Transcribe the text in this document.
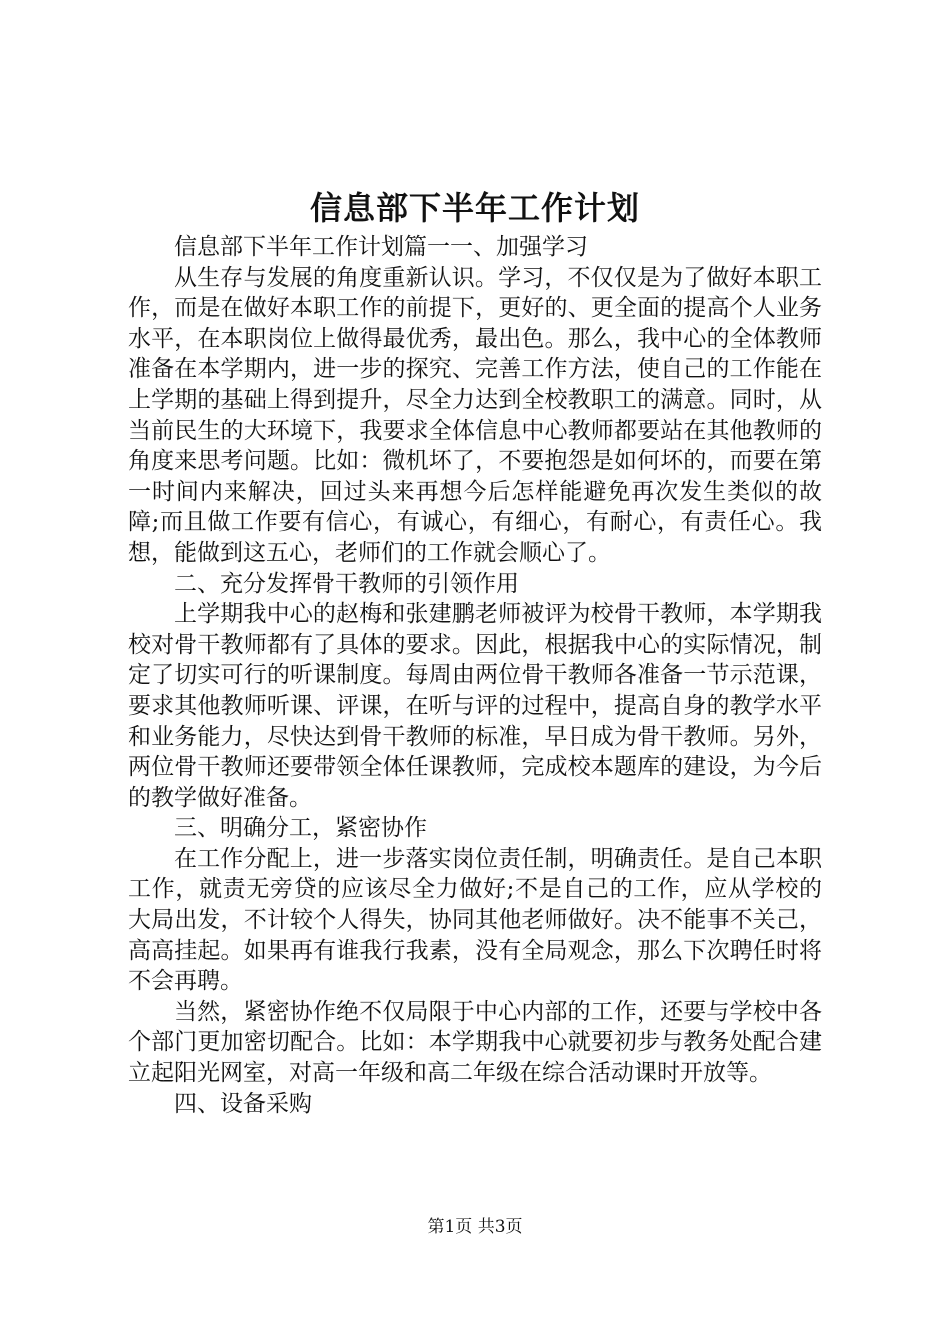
信息部下半年工作计划

信息部下半年工作计划篇一一、加强学习

从生存与发展的角度重新认识。学习，不仅仅是为了做好本职工作，而是在做好本职工作的前提下，更好的、更全面的提高个人业务水平，在本职岗位上做得最优秀，最出色。那么，我中心的全体教师准备在本学期内，进一步的探究、完善工作方法，使自己的工作能在上学期的基础上得到提升，尽全力达到全校教职工的满意。同时，从当前民生的大环境下，我要求全体信息中心教师都要站在其他教师的角度来思考问题。比如：微机坏了，不要抱怨是如何坏的，而要在第一时间内来解决，回过头来再想今后怎样能避免再次发生类似的故障;而且做工作要有信心，有诚心，有细心，有耐心，有责任心。我想，能做到这五心，老师们的工作就会顺心了。

二、充分发挥骨干教师的引领作用

上学期我中心的赵梅和张建鹏老师被评为校骨干教师，本学期我校对骨干教师都有了具体的要求。因此，根据我中心的实际情况，制定了切实可行的听课制度。每周由两位骨干教师各准备一节示范课，要求其他教师听课、评课，在听与评的过程中，提高自身的教学水平和业务能力，尽快达到骨干教师的标准，早日成为骨干教师。另外，两位骨干教师还要带领全体任课教师，完成校本题库的建设，为今后的教学做好准备。

三、明确分工，紧密协作

在工作分配上，进一步落实岗位责任制，明确责任。是自己本职工作，就责无旁贷的应该尽全力做好;不是自己的工作，应从学校的大局出发，不计较个人得失，协同其他老师做好。决不能事不关己，高高挂起。如果再有谁我行我素，没有全局观念，那么下次聘任时将不会再聘。

当然，紧密协作绝不仅局限于中心内部的工作，还要与学校中各个部门更加密切配合。比如：本学期我中心就要初步与教务处配合建立起阳光网室，对高一年级和高二年级在综合活动课时开放等。

四、设备采购

第1页 共3页
